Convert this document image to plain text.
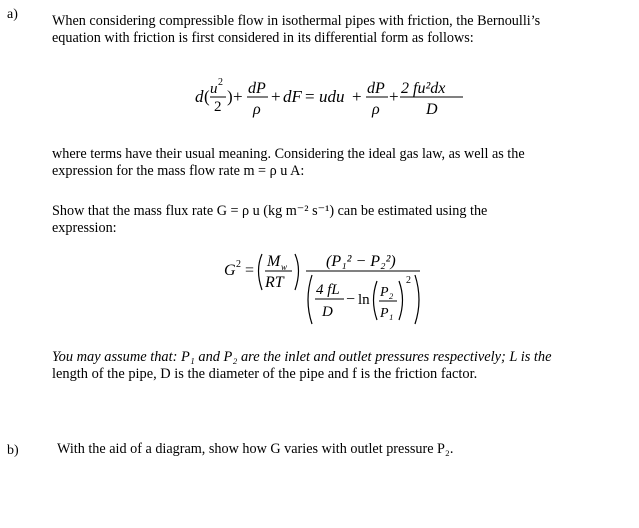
a) When considering compressible flow in isothermal pipes with friction, the Bernoulli’s
equation with friction is first considered in its differential form as follows:
d ( u 2
2
) + dP
ρ
+ dF = udu + dP
ρ
+ 2 fu²dx
D
where terms have their usual meaning. Considering the ideal gas law, as well as the
expression for the mass flow rate m = ρ u A:
Show that the mass flux rate G = ρ u (kg m⁻² s⁻¹) can be estimated using the
expression:
G 2 =
M w
RT
(P₁² − P₂²)
4 fL
D
− ln P₂
P₁
2
You may assume that: P₁ and P₂ are the inlet and outlet pressures respectively; L is the
length of the pipe, D is the diameter of the pipe and f is the friction factor.
b)	With the aid of a diagram, show how G varies with outlet pressure P₂.
